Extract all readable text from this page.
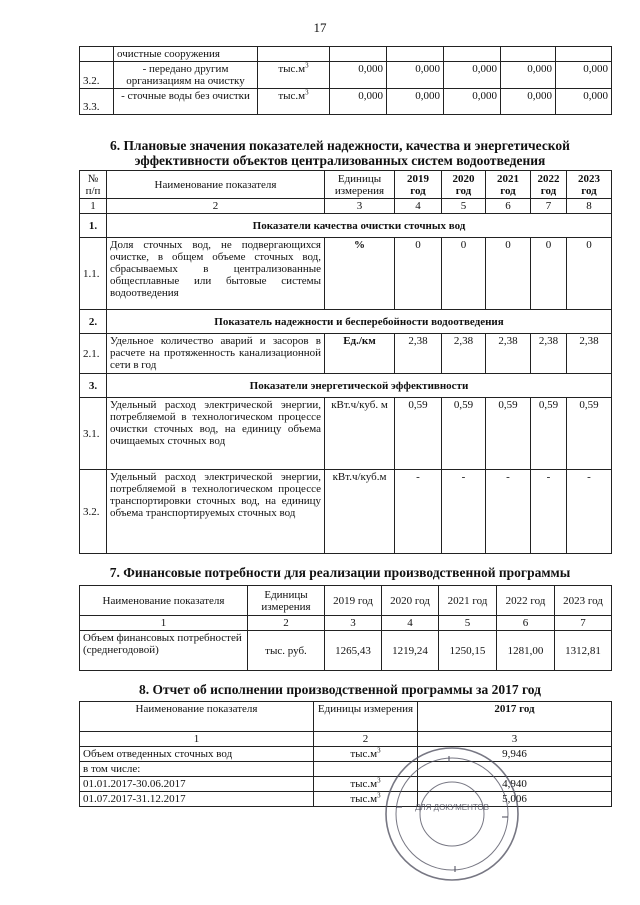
17
	очистные сооружения						
3.2.	- передано другим организациям на очистку	$тыс.м^3$	0,000	0,000	0,000	0,000	0,000
3.3.	- сточные воды без очистки	$тыс.м^3$	0,000	0,000	0,000	0,000	0,000
6. Плановые значения показателей надежности, качества и энергетической
эффективности объектов централизованных систем водоотведения
№ п/п	Наименование показателя	Единицы измерения	2019 год	2020 год	2021 год	2022 год	2023 год
1	2	3	4	5	6	7	8
1.	Показатели качества очистки сточных вод						
1.1.	Доля сточных вод, не подвергающихся очистке, в общем объеме сточных вод, сбрасываемых в централизованные общесплавные или бытовые системы водоотведения	%	0	0	0	0	0
2.	Показатель надежности и бесперебойности водоотведения						
2.1.	Удельное количество аварий и засоров в расчете на протяженность канализационной сети в год	Ед./км	2,38	2,38	2,38	2,38	2,38
3.	Показатели энергетической эффективности						
3.1.	Удельный расход электрической энергии, потребляемой в технологическом процессе очистки сточных вод, на единицу объема очищаемых сточных вод	кВт.ч/куб. м	0,59	0,59	0,59	0,59	0,59
3.2.	Удельный расход электрической энергии, потребляемой в технологическом процессе транспортировки сточных вод, на единицу объема транспортируемых сточных вод	кВт.ч/куб.м	-	-	-	-	-
7. Финансовые потребности для реализации производственной программы
Наименование показателя	Единицы измерения	2019 год	2020 год	2021 год	2022 год	2023 год
1	2	3	4	5	6	7
Объем финансовых потребностей (среднегодовой)	тыс. руб.	1265,43	1219,24	1250,15	1281,00	1312,81
8. Отчет об исполнении производственной программы за 2017 год
Наименование показателя	Единицы измерения	2017 год
1	2	3
Объем отведенных сточных вод	$тыс.м^3$	9,946
в том числе:		
01.01.2017-30.06.2017	$тыс.м^3$	4,940
01.07.2017-31.12.2017	$тыс.м^3$	5,006
ДЛЯ ДОКУМЕНТОВ
